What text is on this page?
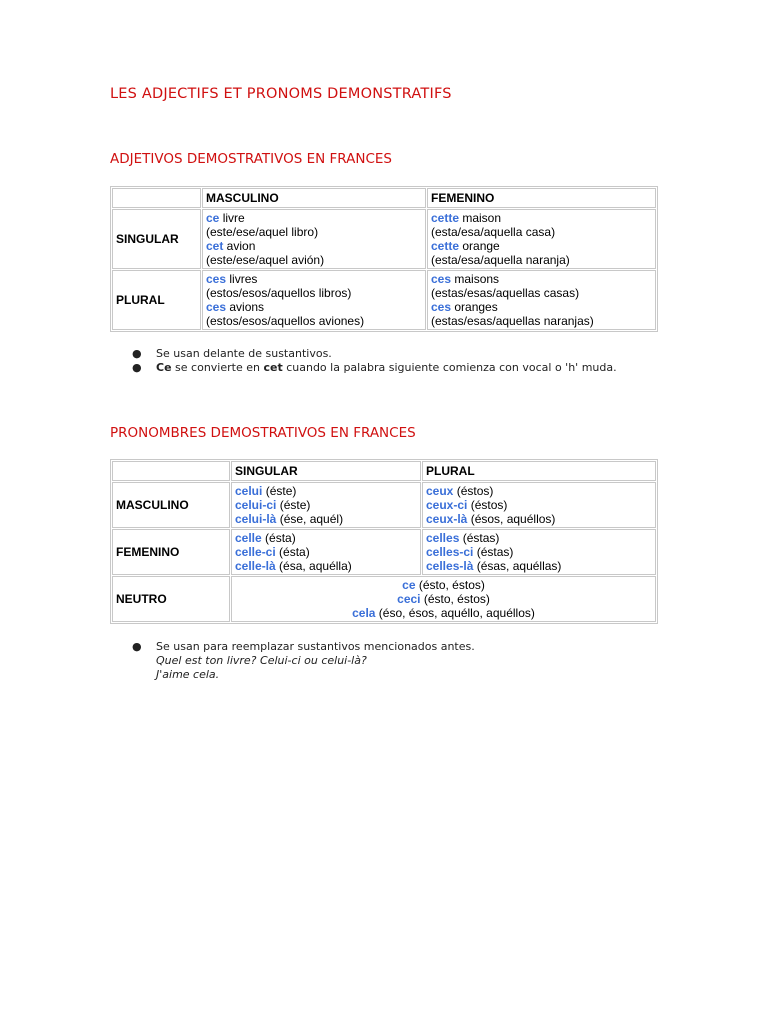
LES ADJECTIFS ET PRONOMS DEMONSTRATIFS
ADJETIVOS DEMOSTRATIVOS EN FRANCES
	MASCULINO	FEMENINO
SINGULAR	ce livre
(este/ese/aquel libro)
cet avion
(este/ese/aquel avión)	cette maison
(esta/esa/aquella casa)
cette orange
(esta/esa/aquella naranja)

PLURAL	ces livres
(estos/esos/aquellos libros)
ces avions
(estos/esos/aquellos aviones)	ces maisons
(estas/esas/aquellas casas)
ces oranges
(estas/esas/aquellas naranjas)
● Se usan delante de sustantivos.
● Ce se convierte en cet cuando la palabra siguiente comienza con vocal o 'h' muda.
PRONOMBRES DEMOSTRATIVOS EN FRANCES
	SINGULAR	PLURAL
MASCULINO	celui (éste)
celui-ci (éste)
celui-là (ése, aquél)	ceux (éstos)
ceux-ci (éstos)
ceux-là (ésos, aquéllos)

FEMENINO	celle (ésta)
celle-ci (ésta)
celle-là (ésa, aquélla)	celles (éstas)
celles-ci (éstas)
celles-là (ésas, aquéllas)

NEUTRO	ce (ésto, éstos)
ceci (ésto, éstos)
cela (éso, ésos, aquéllo, aquéllos)	
● Se usan para reemplazar sustantivos mencionados antes.
Quel est ton livre? Celui-ci ou celui-là?
J'aime cela.
